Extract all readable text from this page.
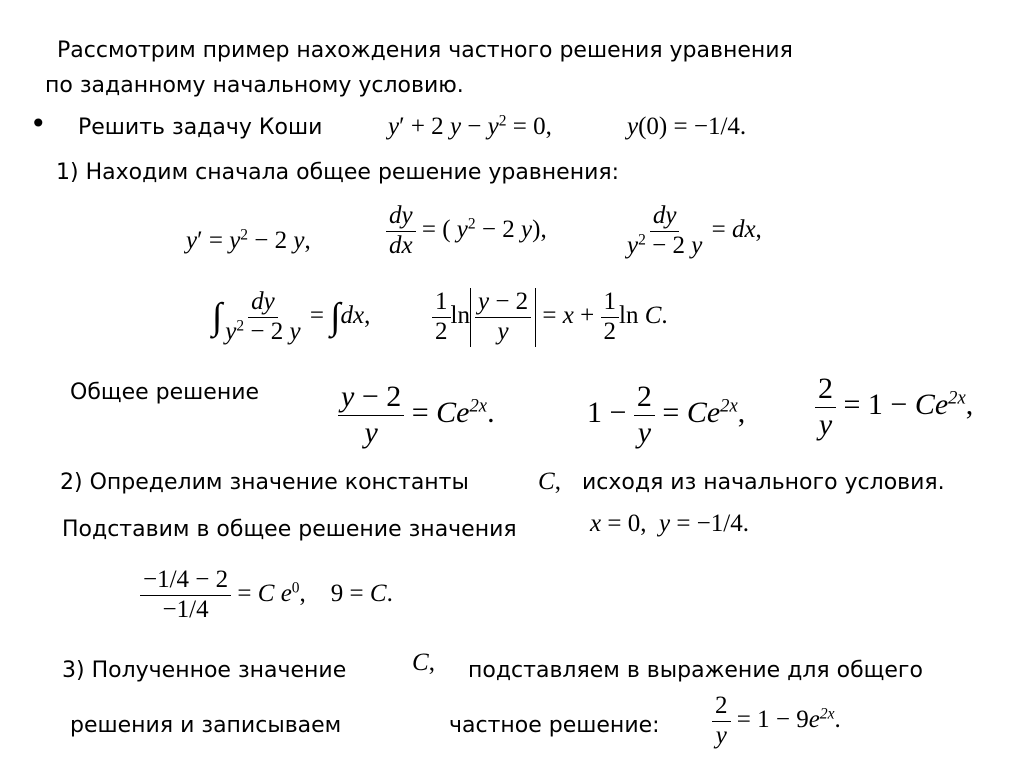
Рассмотрим пример нахождения частного решения уравнения
по заданному начальному условию.
• Решить задачу Коши	y′ + 2 $y - y^2 = 0$,	y(0) = −1/4.
1) Находим сначала общее решение уравнения:
$y' = y^2 - 2$ y,	$\frac{dy}{dx}$ = ( $y^2 - 2$ y),	$\frac{dy}{y^2 - 2 y}$ = dx,
∫ $\frac{dy}{y^2 - 2 y} = \int dx$, $\frac{1}{2}$ $\ln \frac{y - 2}{y} = x + \frac{1}{2}$ ln C.
Общее решение	$\frac{y - 2}{y} = Ce^{2x}$.	$1 - \frac{2}{y} = Ce^{2x}$, $\frac{2}{y} = 1 - Ce^{2x}$,
2) Определим значение константы	C, исходя из начального условия.
Подставим в общее решение значения	x = 0,  y = −1/4.
$\frac{-1/4 - 2}{-1/4} = C$ $e^0$,    9 = C.
3) Полученное значение	C, подставляем в выражение для общего
решения и записываем	частное решение: $\frac{2}{y} = 1 - 9e^{2x}$.
